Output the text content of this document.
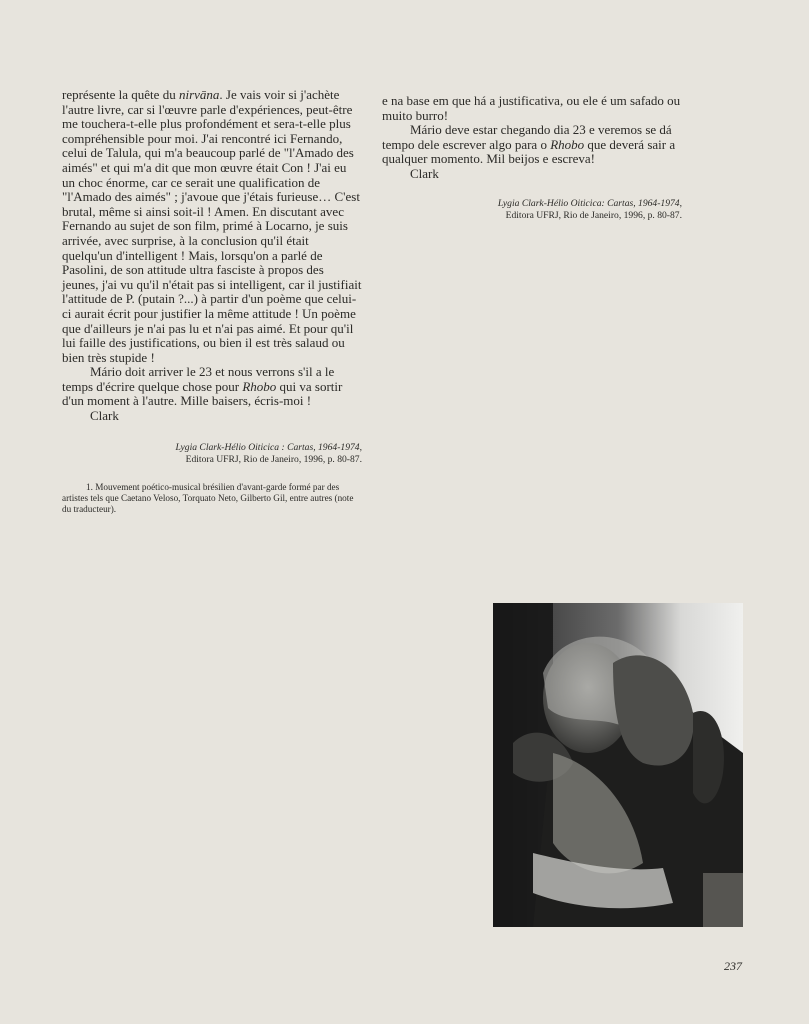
représente la quête du nirvāna. Je vais voir si j'achète l'autre livre, car si l'œuvre parle d'expériences, peut-être me touchera-t-elle plus profondément et sera-t-elle plus compréhensible pour moi. J'ai rencontré ici Fernando, celui de Talula, qui m'a beaucoup parlé de "l'Amado des aimés" et qui m'a dit que mon œuvre était Con ! J'ai eu un choc énorme, car ce serait une qualification de "l'Amado des aimés" ; j'avoue que j'étais furieuse… C'est brutal, même si ainsi soit-il ! Amen. En discutant avec Fernando au sujet de son film, primé à Locarno, je suis arrivée, avec surprise, à la conclusion qu'il était quelqu'un d'intelligent ! Mais, lorsqu'on a parlé de Pasolini, de son attitude ultra fasciste à propos des jeunes, j'ai vu qu'il n'était pas si intelligent, car il justifiait l'attitude de P. (putain ?...) à partir d'un poème que celui-ci aurait écrit pour justifier la même attitude ! Un poème que d'ailleurs je n'ai pas lu et n'ai pas aimé. Et pour qu'il lui faille des justifications, ou bien il est très salaud ou bien très stupide !

Mário doit arriver le 23 et nous verrons s'il a le temps d'écrire quelque chose pour Rhobo qui va sortir d'un moment à l'autre. Mille baisers, écris-moi !

Clark

Lygia Clark-Hélio Oiticica : Cartas, 1964-1974,
Editora UFRJ, Rio de Janeiro, 1996, p. 80-87.

1. Mouvement poético-musical brésilien d'avant-garde formé par des artistes tels que Caetano Veloso, Torquato Neto, Gilberto Gil, entre autres (note du traducteur).

e na base em que há a justificativa, ou ele é um safado ou muito burro!

Mário deve estar chegando dia 23 e veremos se dá tempo dele escrever algo para o Rhobo que deverá sair a qualquer momento. Mil beijos e escreva!

Clark

Lygia Clark-Hélio Oiticica: Cartas, 1964-1974,
Editora UFRJ, Rio de Janeiro, 1996, p. 80-87.
237
